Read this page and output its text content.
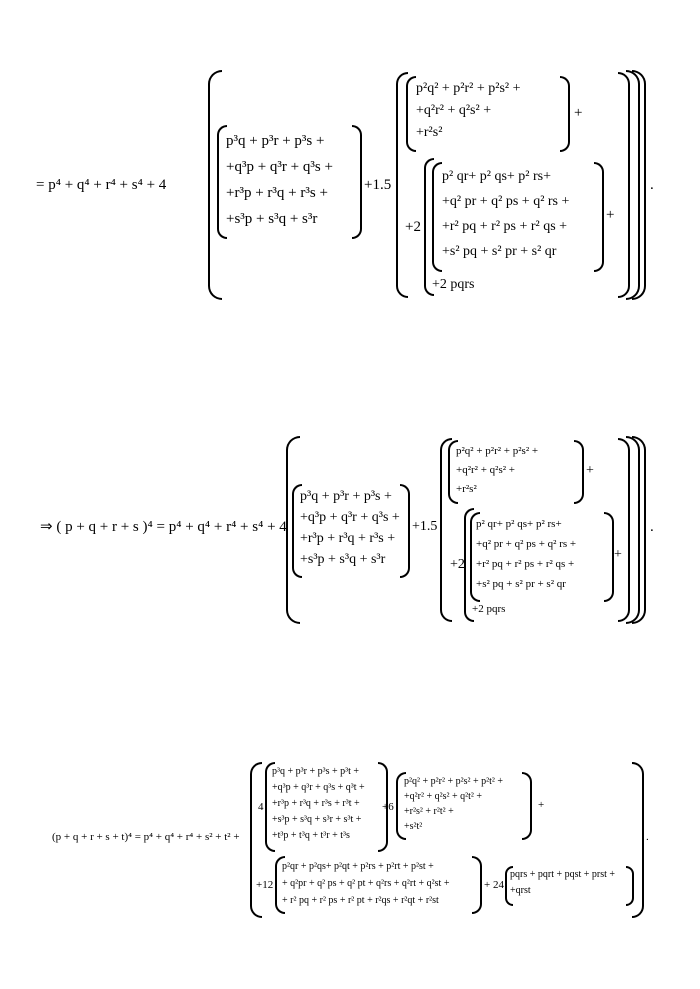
= p⁴ + q⁴ + r⁴ + s⁴ + 4
p³q + p³r + p³s +
+q³p + q³r + q³s +
+r³p + r³q + r³s +
+s³p + s³q + s³r
+1.5
p²q² + p²r² + p²s² +
+q²r² + q²s² +
+r²s²
+
+2
p² qr+ p² qs+ p² rs+
+q² pr + q² ps + q² rs +
+r² pq + r² ps + r² qs +
+s² pq + s² pr + s² qr
+
+2 pqrs
.
⇒ ( p + q + r + s )⁴ = p⁴ + q⁴ + r⁴ + s⁴ + 4
p³q + p³r + p³s +
+q³p + q³r + q³s +
+r³p + r³q + r³s +
+s³p + s³q + s³r
+1.5
p²q² + p²r² + p²s² +
+q²r² + q²s² +
+r²s²
+
+2
p² qr+ p² qs+ p² rs+
+q² pr + q² ps + q² rs +
+r² pq + r² ps + r² qs +
+s² pq + s² pr + s² qr
+
+2 pqrs
.
(p + q + r + s + t)⁴ = p⁴ + q⁴ + r⁴ + s² + t² +
4
p³q + p³r + p³s + p³t +
+q³p + q³r + q³s + q³t +
+r³p + r³q + r³s + r³t +
+s³p + s³q + s³r + s³t +
+t³p + t³q + t³r + t³s
+6
p²q² + p²r² + p²s² + p²t² +
+q²r² + q²s² + q²t² +
+r²s² + r²t² +
+s²t²
+
+12
p²qr + p²qs+ p²qt + p²rs + p²rt + p²st +
+ q²pr + q² ps + q² pt + q²rs + q²rt + q²st +
+ r² pq + r² ps + r² pt + r²qs + r²qt + r²st
+ 24
pqrs + pqrt + pqst + prst +
+qrst
.
